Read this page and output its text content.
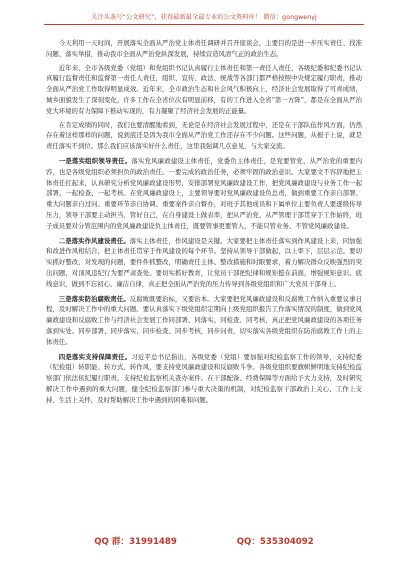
关注头条号“公文研究”，获得最新最全最专业的公文资料库！ 微信：gongwenyj

今天利用一天时间，开展落实全面从严治党主体责任调研并召开座谈会，主要目的是进一步压实责任、找准问题、落实举措，推动我市全面从严治党纵深发展，持续营造风清气正的政治生态。

近年来，全市各级党委（党组）和党组织书记认真履行主体责任和第一责任人责任，各级纪委和纪委书记认真履行监督责任和监督第一责任人责任，组织、宣传、政法、统战等各部门都严格按照中央规定履行职责，推动全面从严治党工作取得明显成效。近年来，全市政治生态和社会风气积极向上，经济社会发展取得了可喜成绩，城乡面貌发生了深刻变化，许多工作在全省位次有明显前移，有的工作进入全省“第一方阵”，都是在全面从严治党大环境的有力保障下推动实现的，有力凝聚了经济社会发展的正能量。

在肯定成绩的同时，我们也要清醒地看到，无论是在经济社会发展过程中，还是在干部队伍作风方面，仍然存在着这样那样的问题，说到底还是因为我市全面从严治党工作还存在不少问题。这些问题，从根子上说，就是责任落实不到位。那么我们应该落实好什么责任，这里我强调几点意见，与大家交流。

一是落实组织领导责任。落实党风廉政建设主体责任，党委负主体责任，是党要管党、从严治党的重要内容，也是各级党组织必须担负的政治责任。一要完成的政治任务，必须牢固的政治意识。大家要文不容辞地把主体责任扛起来，认真研究分析党风廉政建设形势，安排部署党风廉政建设工作，把党风廉政建设与业务工作一起部署、一起检查、一起考核。在党风廉政建设上，主要领导要对党风廉政建设负总责，做到重要工作亲自部署、重大问题亲自过问、重要环节亲自协调、重要案件亲自督办，对班子其他成员和下属单位主要负责人要逐级传导压力，领导干部要主动担当、管好自己，在自身建设上做表率，把从严治党、从严管理干部贯穿于工作始终，班子成员要对分管范围内的党风廉政建设负主体责任，既要管事更要管人，不能只管业务、不管党风廉政建设。

二是落实作风建设责任。落实主体责任，作风建设是关键。大家要把主体责任落实到作风建设上来，同加强和改进作风相结合，把主体责任贯穿于作风建设的每个环节。坚持从领导干部做起，以上率下，层层示范。要切实抓好整改，对发现的问题，要件件抓整改，明确责任主体、整改措施和时限要求，着力解决群众反映强烈的突出问题，对顶风违纪行为要严肃查处。要切实抓好教育，让党员干部把纪律和规矩挺在前面，增强规矩意识、底线意识，做到不忘初心、廉洁自律，真正把全面从严治党的压力传导到各级党组织和广大党员干部身上。

三是落实防治腐败责任。反腐败既要治标，又要治本。大家要把党风廉政建设和反腐败工作纳入重要议事日程，及时解决工作中的重大问题。要认真落实下级党组织定期向上级党组织报告工作落实情况的制度，做到党风廉政建设和反腐败工作与经济社会发展工作同部署、同落实、同检查、同考核，真正把党风廉政建设的各项任务落到实处。同步部署、同步落实、同步检查、同步考核，同步问责，切实落实各级党组织在防治腐败工作上的主体责任。

四是落实支持保障责任。习近平总书记指出，各级党委（党组）要加强对纪检监察工作的领导，支持纪委（纪检组）转职能、转方式、转作风，要支持党风廉政建设和反腐败斗争。各级党组织要旗帜鲜明地支持纪检监察部门依法依纪履行职责，支持纪检监察机关查办案件。在干部配备、经费保障等方面给予大力支持，及时研究解决工作中遇到的重大问题，健全纪检监察部门参与重大决策的机制，对纪检监察干部政治上关心、工作上支持、生活上关怀，及时帮助解决工作中遇到的困难和问题。

QQ 群：31991489	QQ：535304092
